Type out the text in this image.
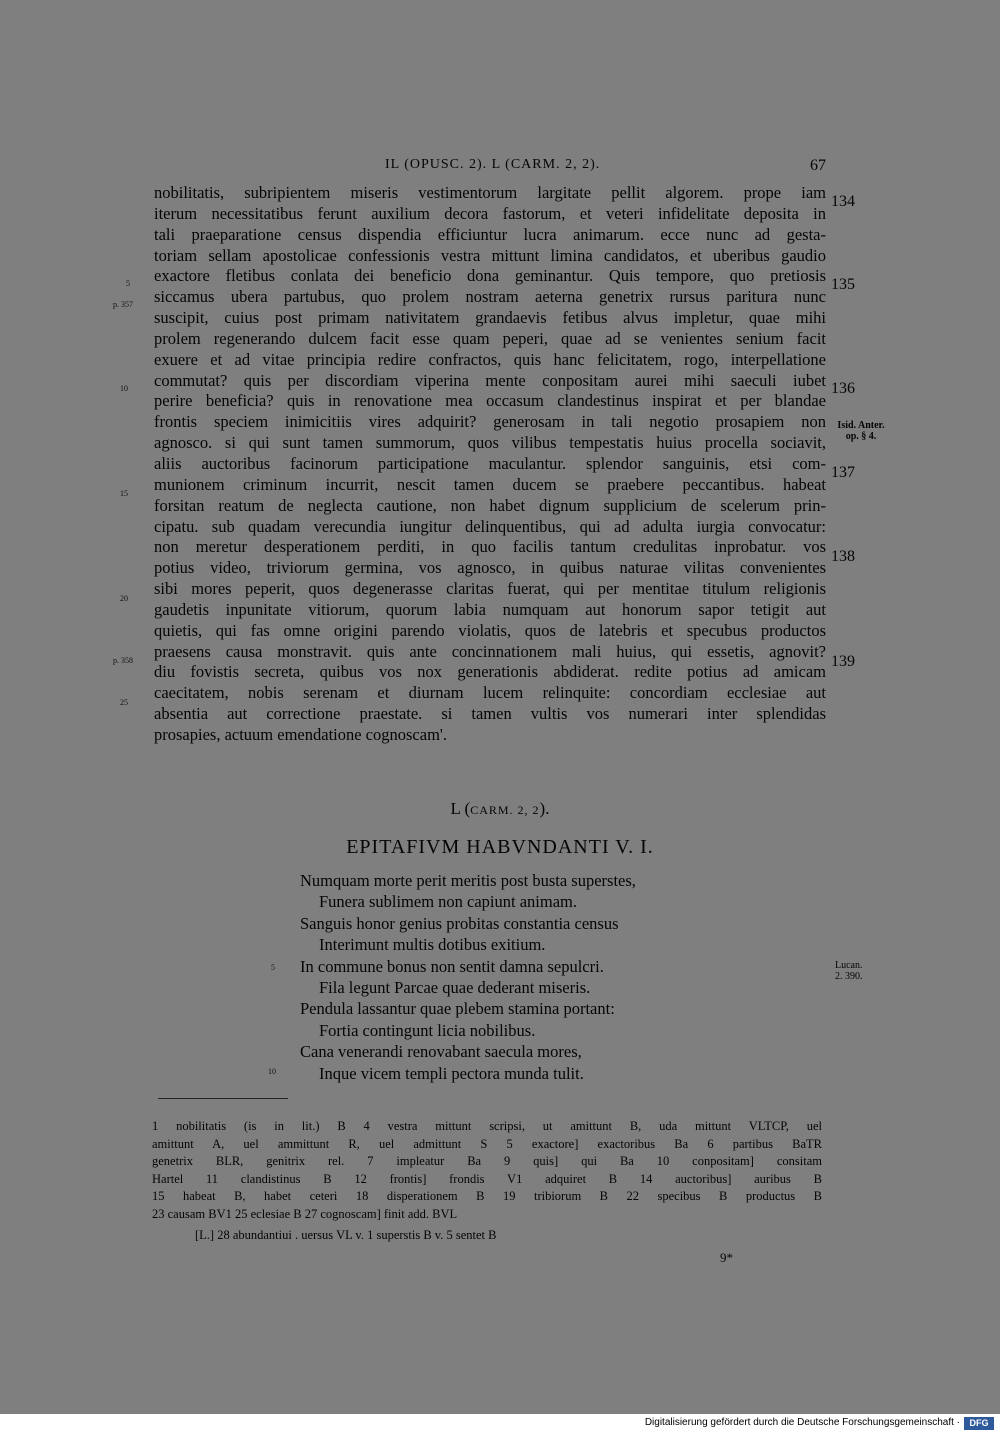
IL (OPUSC. 2). L (CARM. 2, 2).	67
nobilitatis, subripientem miseris vestimentorum largitate pellit algorem. prope iam
iterum necessitatibus ferunt auxilium decora fastorum, et veteri infidelitate deposita in
tali praeparatione census dispendia efficiuntur lucra animarum. ecce nunc ad gesta-
toriam sellam apostolicae confessionis vestra mittunt limina candidatos, et uberibus gaudio
exactore fletibus conlata dei beneficio dona geminantur. Quis tempore, quo pretiosis
siccamus ubera partubus, quo prolem nostram aeterna genetrix rursus paritura nunc
suscipit, cuius post primam nativitatem grandaevis fetibus alvus impletur, quae mihi
prolem regenerando dulcem facit esse quam peperi, quae ad se venientes senium facit
exuere et ad vitae principia redire confractos, quis hanc felicitatem, rogo, interpellatione
commutat? quis per discordiam viperina mente conpositam aurei mihi saeculi iubet
perire beneficia? quis in renovatione mea occasum clandestinus inspirat et per blandae
frontis speciem inimicitiis vires adquirit? generosam in tali negotio prosapiem non
agnosco. si qui sunt tamen summorum, quos vilibus tempestatis huius procella sociavit,
aliis auctoribus facinorum participatione maculantur. splendor sanguinis, etsi com-
munionem criminum incurrit, nescit tamen ducem se praebere peccantibus. habeat
forsitan reatum de neglecta cautione, non habet dignum supplicium de scelerum prin-
cipatu. sub quadam verecundia iungitur delinquentibus, qui ad adulta iurgia convocatur:
non meretur desperationem perditi, in quo facilis tantum credulitas inprobatur. vos
potius video, triviorum germina, vos agnosco, in quibus naturae vilitas convenientes
sibi mores peperit, quos degenerasse claritas fuerat, qui per mentitae titulum religionis
gaudetis inpunitate vitiorum, quorum labia numquam aut honorum sapor tetigit aut
quietis, qui fas omne origini parendo violatis, quos de latebris et specubus productos
praesens causa monstravit. quis ante concinnationem mali huius, qui essetis, agnovit?
diu fovistis secreta, quibus vos nox generationis abdiderat. redite potius ad amicam
caecitatem, nobis serenam et diurnam lucem relinquite: concordiam ecclesiae aut
absentia aut correctione praestate. si tamen vultis vos numerari inter splendidas
prosapies, actuum emendatione cognoscam'.
5
10
15
20
25
p. 357
p. 358
134
135
136
137
138
139
Isid. Anter.
op. § 4.
L (CARM. 2, 2).
EPITAFIVM HABVNDANTI V. I.
Numquam morte perit meritis post busta superstes,
Funera sublimem non capiunt animam.
Sanguis honor genius probitas constantia census
Interimunt multis dotibus exitium.
In commune bonus non sentit damna sepulcri.
Fila legunt Parcae quae dederant miseris.
Pendula lassantur quae plebem stamina portant:
Fortia contingunt licia nobilibus.
Cana venerandi renovabant saecula mores,
Inque vicem templi pectora munda tulit.
5
10
Lucan.
2. 390.
1 nobilitatis (is in lit.) B 4 vestra mittunt scripsi, ut amittunt B, uda mittunt VLTCP, uel
amittunt A, uel ammittunt R, uel admittunt S 5 exactore] exactoribus Ba 6 partibus BaTR
genetrix BLR, genitrix rel. 7 impleatur Ba 9 quis] qui Ba 10 conpositam] consitam
Hartel 11 clandistinus B 12 frontis] frondis V1 adquiret B 14 auctoribus] auribus B
15 habeat B, habet ceteri 18 disperationem B 19 tribiorum B 22 specibus B productus B
23 causam BV1 25 eclesiae B 27 cognoscam] finit add. BVL
[L.] 28 abundantiui . uersus VL v. 1 superstis B v. 5 sentet B
9*
Digitalisierung gefördert durch die Deutsche Forschungsgemeinschaft ·	DFG
